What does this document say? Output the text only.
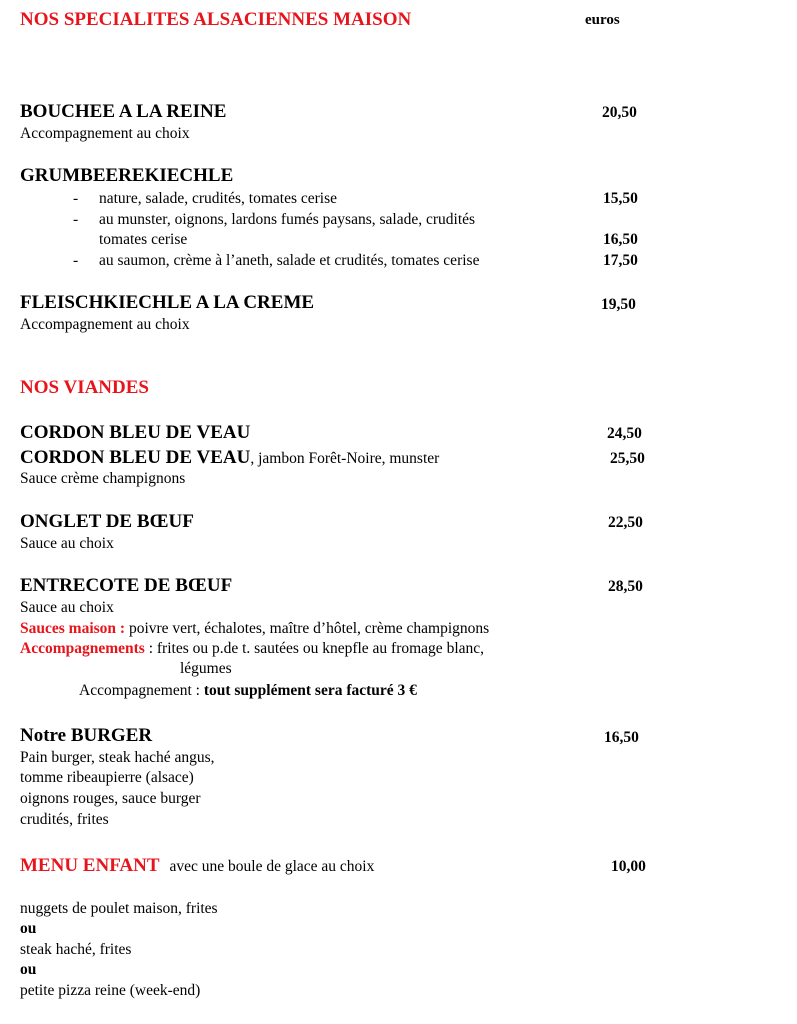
NOS SPECIALITES ALSACIENNES MAISON	euros
BOUCHEE A LA REINE	20,50
Accompagnement au choix
GRUMBEEREKIECHLE
- nature, salade, crudités, tomates cerise	15,50
- au munster, oignons, lardons fumés paysans, salade, crudités
tomates cerise	16,50
- au saumon, crème à l’aneth, salade et crudités, tomates cerise	17,50
FLEISCHKIECHLE A LA CREME	19,50
Accompagnement au choix
NOS VIANDES
CORDON BLEU DE VEAU	24,50
CORDON BLEU DE VEAU, jambon Forêt-Noire, munster	25,50
Sauce crème champignons
ONGLET DE BŒUF	22,50
Sauce au choix
ENTRECOTE DE BŒUF	28,50
Sauce au choix
Sauces maison : poivre vert, échalotes, maître d’hôtel, crème champignons
Accompagnements : frites ou p.de t. sautées ou knepfle au fromage blanc,
légumes
Accompagnement : tout supplément sera facturé 3 €
Notre BURGER	16,50
Pain burger, steak haché angus,
tomme ribeaupierre (alsace)
oignons rouges, sauce burger
crudités, frites
MENU ENFANT avec une boule de glace au choix	10,00
nuggets de poulet maison, frites
ou
steak haché, frites
ou
petite pizza reine (week-end)
